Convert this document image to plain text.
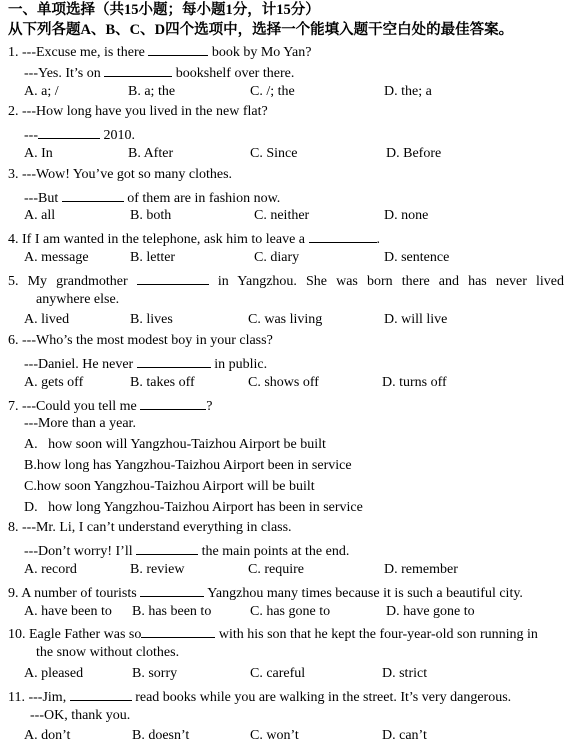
一、单项选择（共15小题；每小题1分，计15分）
从下列各题A、B、C、D四个选项中，选择一个能填入题干空白处的最佳答案。
1. ---Excuse me, is there	book by Mo Yan?
---Yes. It’s on	bookshelf over there.
A. a; /	B. a; the	C. /; the	D. the; a
2. ---How long have you lived in the new flat?
---	2010.
A. In	B. After	C. Since	D. Before
3. ---Wow! You’ve got so many clothes.
---But	of them are in fashion now.
A. all	B. both	C. neither	D. none
4. If I am wanted in the telephone, ask him to leave a	.
A. message	B. letter	C. diary	D. sentence
5. My grandmother	in Yangzhou. She was born there and has never lived
anywhere else.
A. lived	B. lives	C. was living	D. will live
6. ---Who’s the most modest boy in your class?
---Daniel. He never	in public.
A. gets off	B. takes off	C. shows off	D. turns off
7. ---Could you tell me	?
---More than a year.
A.   how soon will Yangzhou-Taizhou Airport be built
B.how long has Yangzhou-Taizhou Airport been in service
C.how soon Yangzhou-Taizhou Airport will be built
D.   how long Yangzhou-Taizhou Airport has been in service
8. ---Mr. Li, I can’t understand everything in class.
---Don’t worry! I’ll	the main points at the end.
A. record	B. review	C. require	D. remember
9. A number of tourists	Yangzhou many times because it is such a beautiful city.
A. have been to B. has been to	C. has gone to	D. have gone to
10. Eagle Father was so	with his son that he kept the four-year-old son running in
the snow without clothes.
A. pleased	B. sorry	C. careful	D. strict
11. ---Jim,	read books while you are walking in the street. It’s very dangerous.
---OK, thank you.
A. don’t	B. doesn’t	C. won’t	D. can’t
